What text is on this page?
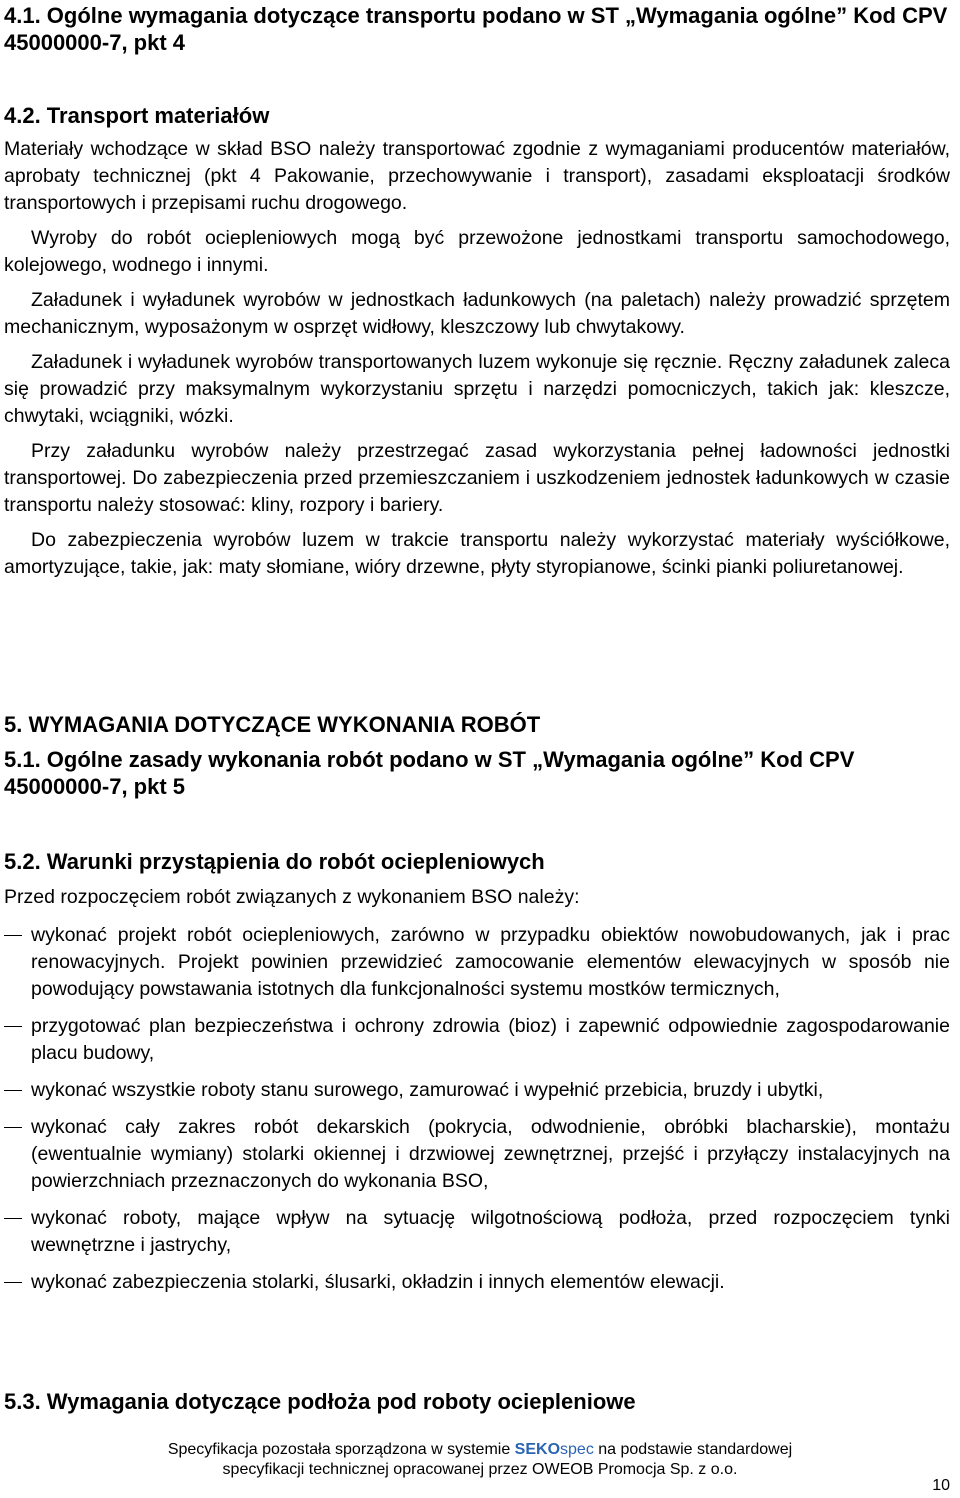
4.1. Ogólne wymagania dotyczące transportu podano w ST „Wymagania ogólne” Kod CPV 45000000-7, pkt 4
4.2. Transport materiałów

Materiały wchodzące w skład BSO należy transportować zgodnie z wymaganiami producentów materiałów, aprobaty technicznej (pkt 4 Pakowanie, przechowywanie i transport), zasadami eksploatacji środków transportowych i przepisami ruchu drogowego.

Wyroby do robót ociepleniowych mogą być przewożone jednostkami transportu samochodowego, kolejowego, wodnego i innymi.

Załadunek i wyładunek wyrobów w jednostkach ładunkowych (na paletach) należy prowadzić sprzętem mechanicznym, wyposażonym w osprzęt widłowy, kleszczowy lub chwytakowy.

Załadunek i wyładunek wyrobów transportowanych luzem wykonuje się ręcznie. Ręczny załadunek zaleca się prowadzić przy maksymalnym wykorzystaniu sprzętu i narzędzi pomocniczych, takich jak: kleszcze, chwytaki, wciągniki, wózki.

Przy załadunku wyrobów należy przestrzegać zasad wykorzystania pełnej ładowności jednostki transportowej. Do zabezpieczenia przed przemieszczaniem i uszkodzeniem jednostek ładunkowych w czasie transportu należy stosować: kliny, rozpory i bariery.

Do zabezpieczenia wyrobów luzem w trakcie transportu należy wykorzystać materiały wyściółkowe, amortyzujące, takie, jak: maty słomiane, wióry drzewne, płyty styropianowe, ścinki pianki poliuretanowej.

5. WYMAGANIA DOTYCZĄCE WYKONANIA ROBÓT
5.1. Ogólne zasady wykonania robót podano w ST „Wymagania ogólne” Kod CPV 45000000-7, pkt 5
5.2. Warunki przystąpienia do robót ociepleniowych

Przed rozpoczęciem robót związanych z wykonaniem BSO należy:

wykonać projekt robót ociepleniowych, zarówno w przypadku obiektów nowobudowanych, jak i prac renowacyjnych. Projekt powinien przewidzieć zamocowanie elementów elewacyjnych w sposób nie powodujący powstawania istotnych dla funkcjonalności systemu mostków termicznych,
przygotować plan bezpieczeństwa i ochrony zdrowia (bioz) i zapewnić odpowiednie zagospodarowanie placu budowy,
wykonać wszystkie roboty stanu surowego, zamurować i wypełnić przebicia, bruzdy i ubytki,
wykonać cały zakres robót dekarskich (pokrycia, odwodnienie, obróbki blacharskie), montażu (ewentualnie wymiany) stolarki okiennej i drzwiowej zewnętrznej, przejść i przyłączy instalacyjnych na powierzchniach przeznaczonych do wykonania BSO,
wykonać roboty, mające wpływ na sytuację wilgotnościową podłoża, przed rozpoczęciem tynki wewnętrzne i jastrychy,
wykonać zabezpieczenia stolarki, ślusarki, okładzin i innych elementów elewacji.
5.3. Wymagania dotyczące podłoża pod roboty ociepleniowe
Specyfikacja pozostała sporządzona w systemie SEKOspec na podstawie standardowej
specyfikacji technicznej opracowanej przez OWEOB Promocja Sp. z o.o.
10
